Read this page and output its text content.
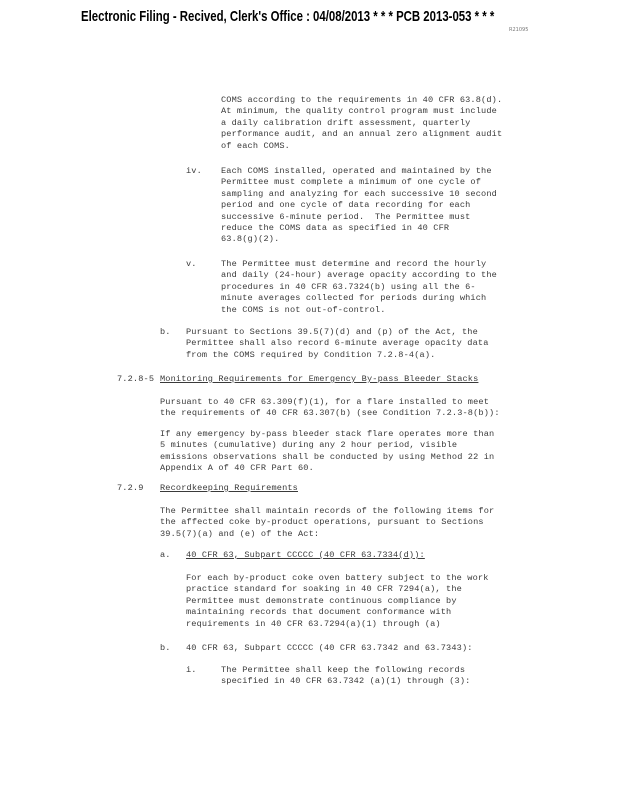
Electronic Filing - Recived, Clerk's Office : 04/08/2013 * * * PCB 2013-053 * * *
R21095
COMS according to the requirements in 40 CFR 63.8(d).
At minimum, the quality control program must include
a daily calibration drift assessment, quarterly
performance audit, and an annual zero alignment audit
of each COMS.
iv. Each COMS installed, operated and maintained by the
Permittee must complete a minimum of one cycle of
sampling and analyzing for each successive 10 second
period and one cycle of data recording for each
successive 6-minute period.  The Permittee must
reduce the COMS data as specified in 40 CFR
63.8(g)(2).
v.	The Permittee must determine and record the hourly
and daily (24-hour) average opacity according to the
procedures in 40 CFR 63.7324(b) using all the 6-
minute averages collected for periods during which
the COMS is not out-of-control.
b. Pursuant to Sections 39.5(7)(d) and (p) of the Act, the
Permittee shall also record 6-minute average opacity data
from the COMS required by Condition 7.2.8-4(a).
7.2.8-5 Monitoring Requirements for Emergency By-pass Bleeder Stacks
Pursuant to 40 CFR 63.309(f)(1), for a flare installed to meet
the requirements of 40 CFR 63.307(b) (see Condition 7.2.3-8(b)):
If any emergency by-pass bleeder stack flare operates more than
5 minutes (cumulative) during any 2 hour period, visible
emissions observations shall be conducted by using Method 22 in
Appendix A of 40 CFR Part 60.
7.2.9 Recordkeeping Requirements
The Permittee shall maintain records of the following items for
the affected coke by-product operations, pursuant to Sections
39.5(7)(a) and (e) of the Act:
a. 40 CFR 63, Subpart CCCCC (40 CFR 63.7334(d)):
For each by-product coke oven battery subject to the work
practice standard for soaking in 40 CFR 7294(a), the
Permittee must demonstrate continuous compliance by
maintaining records that document conformance with
requirements in 40 CFR 63.7294(a)(1) through (a)
b. 40 CFR 63, Subpart CCCCC (40 CFR 63.7342 and 63.7343):
i.	The Permittee shall keep the following records
specified in 40 CFR 63.7342 (a)(1) through (3):
